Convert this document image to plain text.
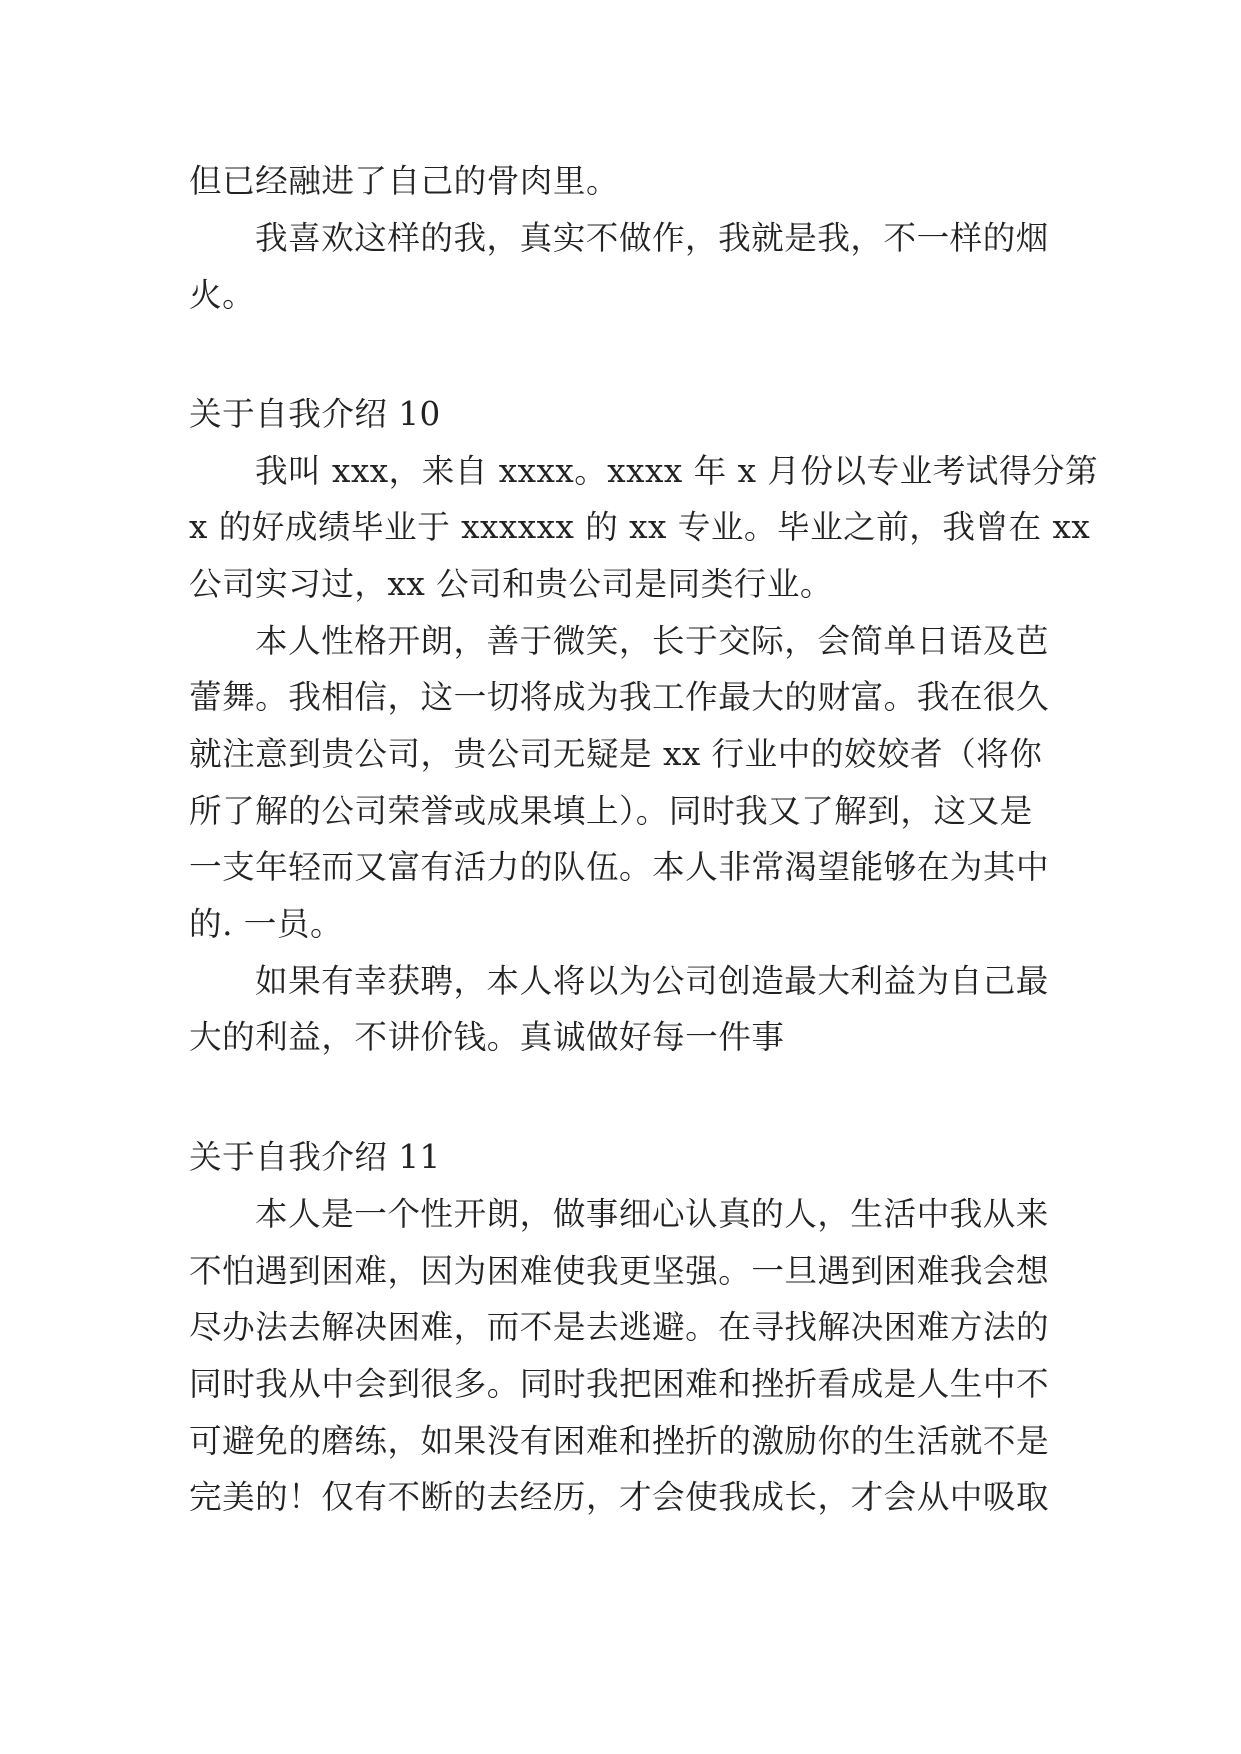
但已经融进了自己的骨肉里。
我喜欢这样的我，真实不做作，我就是我，不一样的烟
火。
关于自我介绍 10
我叫 xxx，来自 xxxx。xxxx 年 x 月份以专业考试得分第
x 的好成绩毕业于 xxxxxx 的 xx 专业。毕业之前，我曾在 xx
公司实习过，xx 公司和贵公司是同类行业。
本人性格开朗，善于微笑，长于交际，会简单日语及芭
蕾舞。我相信，这一切将成为我工作最大的财富。我在很久
就注意到贵公司，贵公司无疑是 xx 行业中的姣姣者（将你
所了解的公司荣誉或成果填上）。同时我又了解到，这又是
一支年轻而又富有活力的队伍。本人非常渴望能够在为其中
的. 一员。
如果有幸获聘，本人将以为公司创造最大利益为自己最
大的利益，不讲价钱。真诚做好每一件事
关于自我介绍 11
本人是一个性开朗，做事细心认真的人，生活中我从来
不怕遇到困难，因为困难使我更坚强。一旦遇到困难我会想
尽办法去解决困难，而不是去逃避。在寻找解决困难方法的
同时我从中会到很多。同时我把困难和挫折看成是人生中不
可避免的磨练，如果没有困难和挫折的激励你的生活就不是
完美的！仅有不断的去经历，才会使我成长，才会从中吸取
